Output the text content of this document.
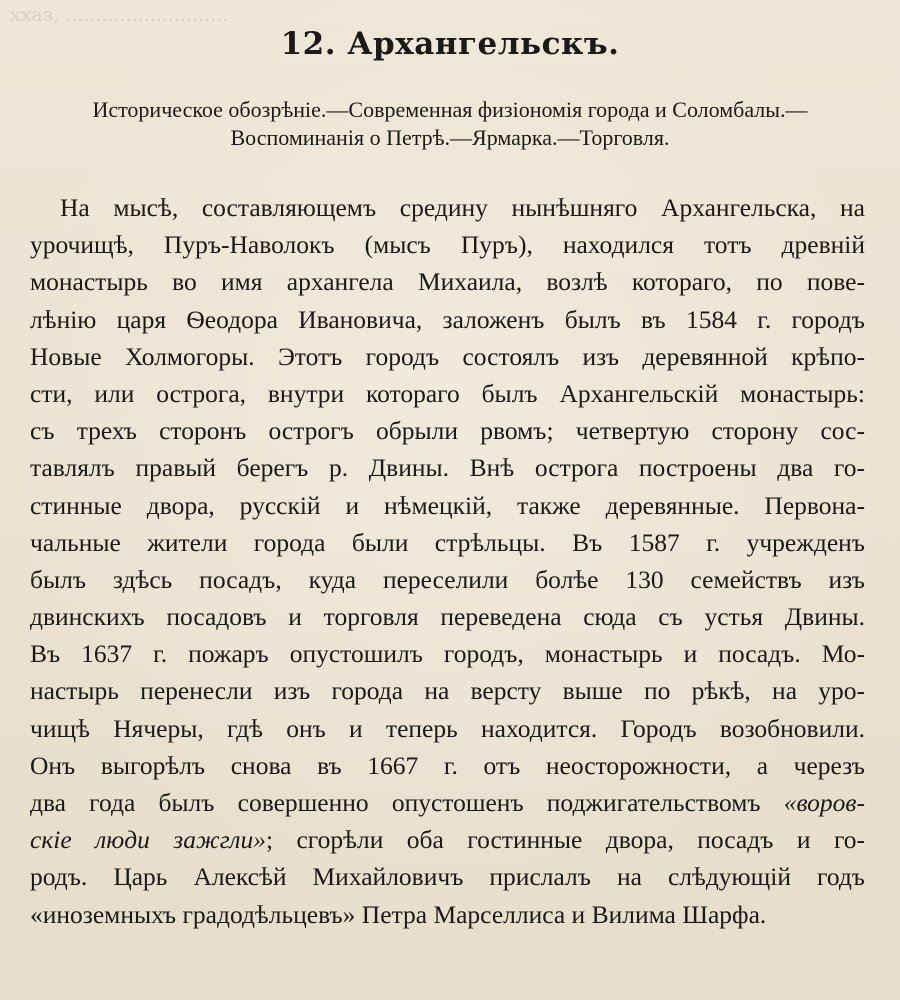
ххаз, ...........................
12. Архангельскъ.
Историческое обозрѣніе.—Современная физіономія города и Соломбалы.—
Воспоминанія о Петрѣ.—Ярмарка.—Торговля.
На мысѣ, составляющемъ средину нынѣшняго Архангельска, на
урочищѣ, Пуръ-Наволокъ (мысъ Пуръ), находился тотъ древній
монастырь во имя архангела Михаила, возлѣ котораго, по пове-
лѣнію царя Ѳеодора Ивановича, заложенъ былъ въ 1584 г. городъ
Новые Холмогоры. Этотъ городъ состоялъ изъ деревянной крѣпо-
сти, или острога, внутри котораго былъ Архангельскій монастырь:
съ трехъ сторонъ острогъ обрыли рвомъ; четвертую сторону сос-
тавлялъ правый берегъ р. Двины. Внѣ острога построены два го-
стинные двора, русскій и нѣмецкій, также деревянные. Первона-
чальные жители города были стрѣльцы. Въ 1587 г. учрежденъ
былъ здѣсь посадъ, куда переселили болѣе 130 семействъ изъ
двинскихъ посадовъ и торговля переведена сюда съ устья Двины.
Въ 1637 г. пожаръ опустошилъ городъ, монастырь и посадъ. Мо-
настырь перенесли изъ города на версту выше по рѣкѣ, на уро-
чищѣ Нячеры, гдѣ онъ и теперь находится. Городъ возобновили.
Онъ выгорѣлъ снова въ 1667 г. отъ неосторожности, а черезъ
два года былъ совершенно опустошенъ поджигательствомъ «воров-
скіе люди зажгли»; сгорѣли оба гостинные двора, посадъ и го-
родъ. Царь Алексѣй Михайловичъ прислалъ на слѣдующій годъ
«иноземныхъ градодѣльцевъ» Петра Марселлиса и Вилима Шарфа.
